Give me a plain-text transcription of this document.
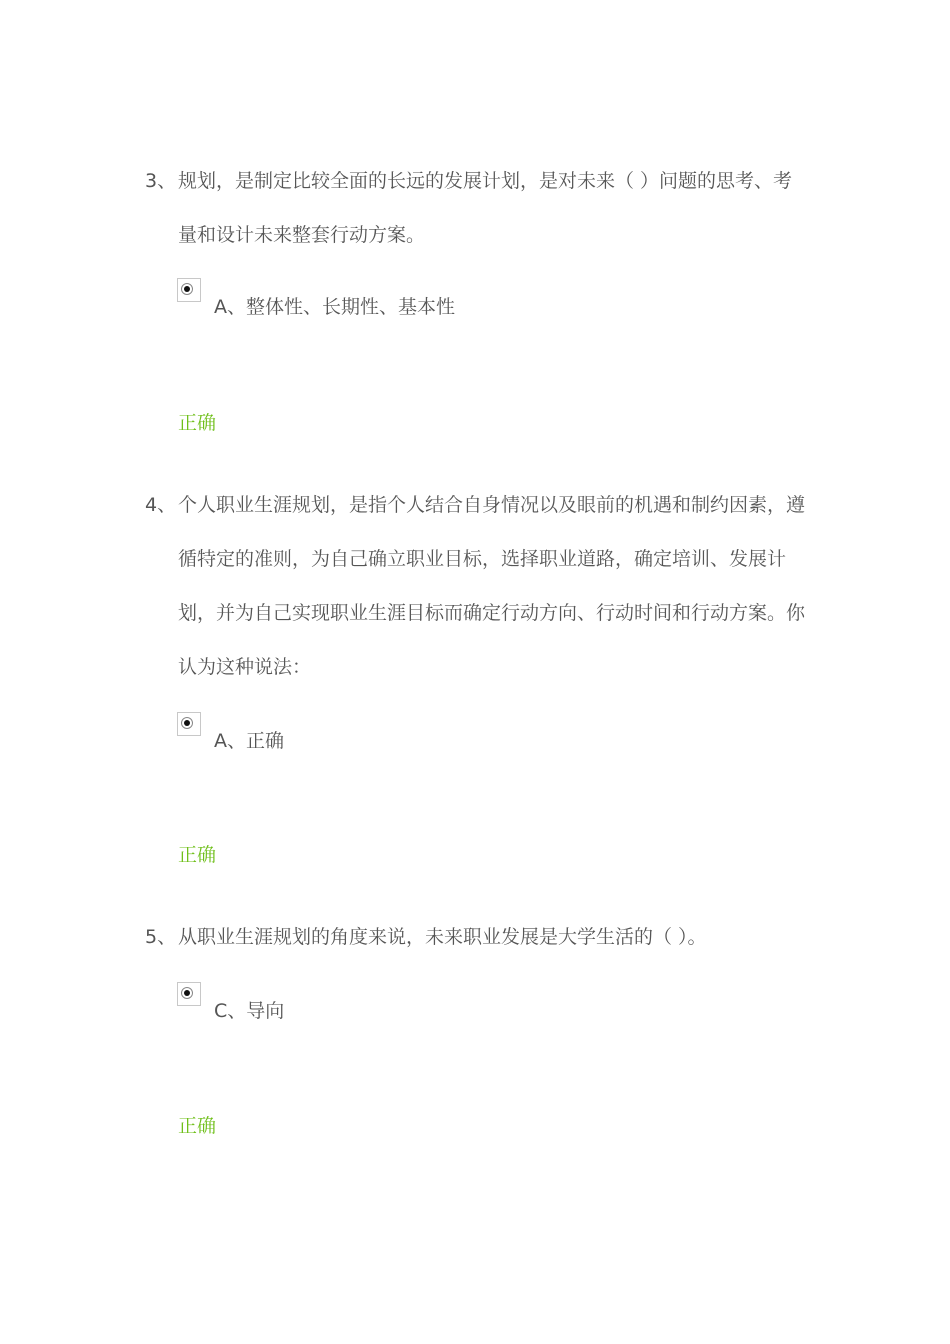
3、 规划，是制定比较全面的长远的发展计划，是对未来（ ）问题的思考、考量和设计未来整套行动方案。

A、整体性、长期性、基本性
正确

4、 个人职业生涯规划，是指个人结合自身情况以及眼前的机遇和制约因素，遵循特定的准则，为自己确立职业目标，选择职业道路，确定培训、发展计划，并为自己实现职业生涯目标而确定行动方向、行动时间和行动方案。你认为这种说法：

A、正确
正确

5、 从职业生涯规划的角度来说，未来职业发展是大学生活的（ ）。

C、导向
正确
